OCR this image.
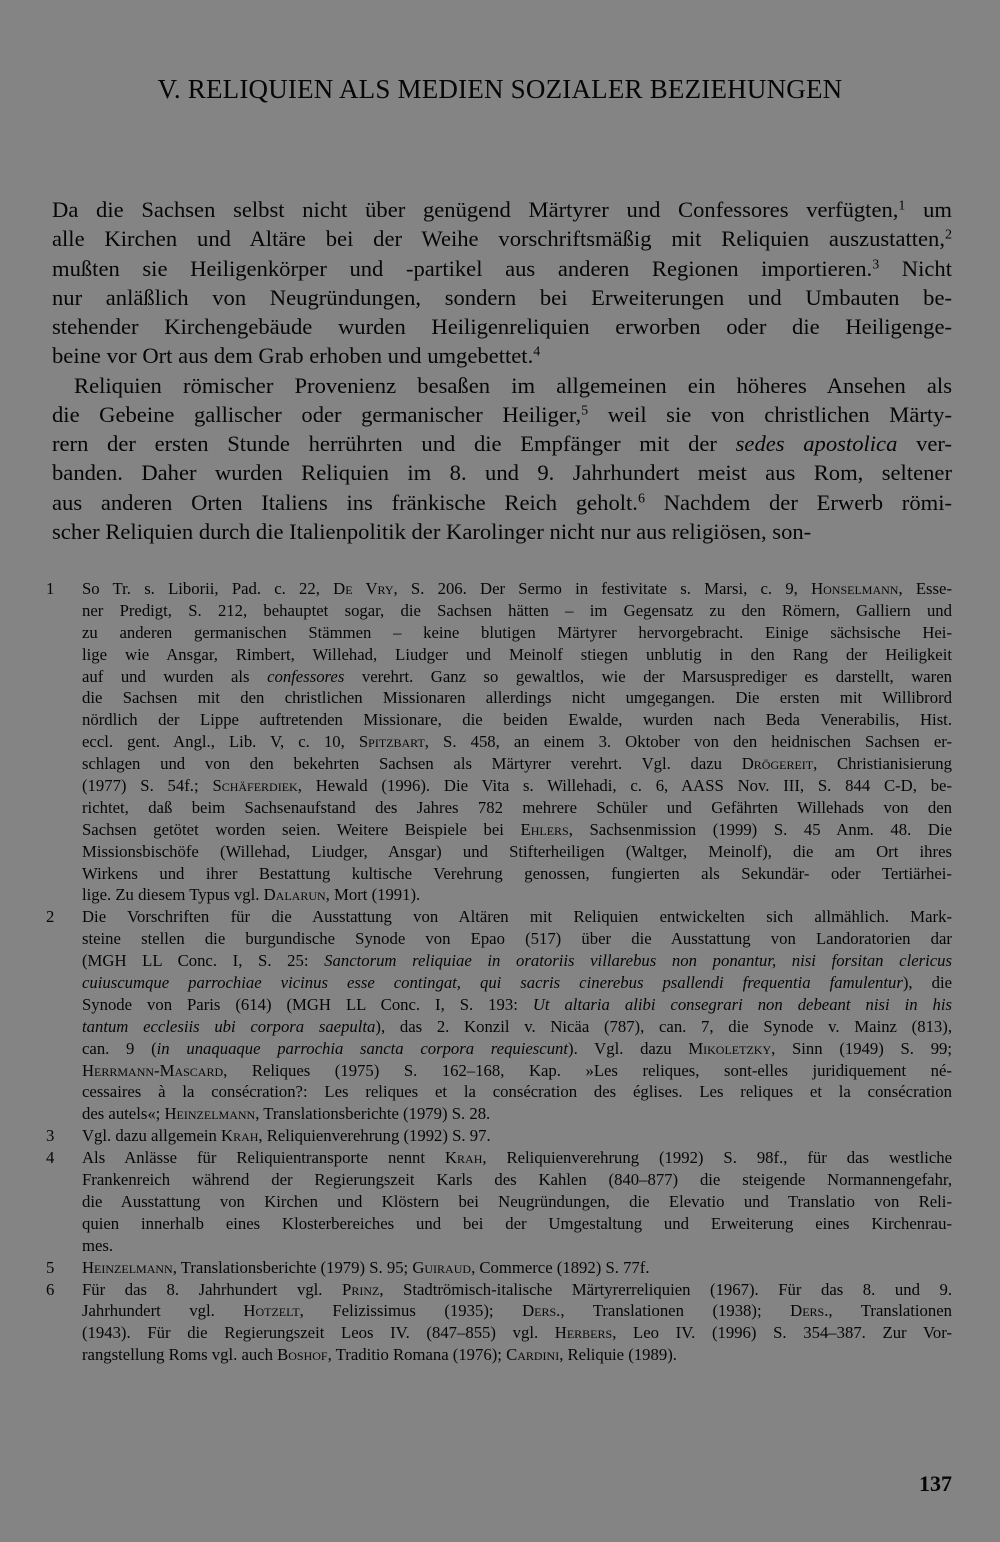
V. RELIQUIEN ALS MEDIEN SOZIALER BEZIEHUNGEN
Da die Sachsen selbst nicht über genügend Märtyrer und Confessores verfügten,$^1$ um
alle Kirchen und Altäre bei der Weihe vorschriftsmäßig mit Reliquien auszustatten,$^2$
mußten sie Heiligenkörper und -partikel aus anderen Regionen importieren.$^3$ Nicht
nur anläßlich von Neugründungen, sondern bei Erweiterungen und Umbauten be-
stehender Kirchengebäude wurden Heiligenreliquien erworben oder die Heiligenge-
beine vor Ort aus dem Grab erhoben und umgebettet.$^4$
Reliquien römischer Provenienz besaßen im allgemeinen ein höheres Ansehen als
die Gebeine gallischer oder germanischer Heiliger,$^5$ weil sie von christlichen Märty-
rern der ersten Stunde herrührten und die Empfänger mit der sedes apostolica ver-
banden. Daher wurden Reliquien im 8. und 9. Jahrhundert meist aus Rom, seltener
aus anderen Orten Italiens ins fränkische Reich geholt.$^6$ Nachdem der Erwerb römi-
scher Reliquien durch die Italienpolitik der Karolinger nicht nur aus religiösen, son-
1 So Tr. s. Liborii, Pad. c. 22, De Vry, S. 206. Der Sermo in festivitate s. Marsi, c. 9, Honselmann, Esse-
ner Predigt, S. 212, behauptet sogar, die Sachsen hätten – im Gegensatz zu den Römern, Galliern und
zu anderen germanischen Stämmen – keine blutigen Märtyrer hervorgebracht. Einige sächsische Hei-
lige wie Ansgar, Rimbert, Willehad, Liudger und Meinolf stiegen unblutig in den Rang der Heiligkeit
auf und wurden als confessores verehrt. Ganz so gewaltlos, wie der Marsusprediger es darstellt, waren
die Sachsen mit den christlichen Missionaren allerdings nicht umgegangen. Die ersten mit Willibrord
nördlich der Lippe auftretenden Missionare, die beiden Ewalde, wurden nach Beda Venerabilis, Hist.
eccl. gent. Angl., Lib. V, c. 10, Spitzbart, S. 458, an einem 3. Oktober von den heidnischen Sachsen er-
schlagen und von den bekehrten Sachsen als Märtyrer verehrt. Vgl. dazu Drögereit, Christianisierung
(1977) S. 54f.; Schäferdiek, Hewald (1996). Die Vita s. Willehadi, c. 6, AASS Nov. III, S. 844 C-D, be-
richtet, daß beim Sachsenaufstand des Jahres 782 mehrere Schüler und Gefährten Willehads von den
Sachsen getötet worden seien. Weitere Beispiele bei Ehlers, Sachsenmission (1999) S. 45 Anm. 48. Die
Missionsbischöfe (Willehad, Liudger, Ansgar) und Stifterheiligen (Waltger, Meinolf), die am Ort ihres
Wirkens und ihrer Bestattung kultische Verehrung genossen, fungierten als Sekundär- oder Tertiärhei-
lige. Zu diesem Typus vgl. Dalarun, Mort (1991).
2 Die Vorschriften für die Ausstattung von Altären mit Reliquien entwickelten sich allmählich. Mark-
steine stellen die burgundische Synode von Epao (517) über die Ausstattung von Landoratorien dar
(MGH LL Conc. I, S. 25: Sanctorum reliquiae in oratoriis villarebus non ponantur, nisi forsitan clericus
cuiuscumque parrochiae vicinus esse contingat, qui sacris cinerebus psallendi frequentia famulentur), die
Synode von Paris (614) (MGH LL Conc. I, S. 193: Ut altaria alibi consegrari non debeant nisi in his
tantum ecclesiis ubi corpora saepulta), das 2. Konzil v. Nicäa (787), can. 7, die Synode v. Mainz (813),
can. 9 (in unaquaque parrochia sancta corpora requiescunt). Vgl. dazu Mikoletzky, Sinn (1949) S. 99;
Herrmann-Mascard, Reliques (1975) S. 162–168, Kap. »Les reliques, sont-elles juridiquement né-
cessaires à la consécration?: Les reliques et la consécration des églises. Les reliques et la consécration
des autels«; Heinzelmann, Translationsberichte (1979) S. 28.
3 Vgl. dazu allgemein Krah, Reliquienverehrung (1992) S. 97.
4 Als Anlässe für Reliquientransporte nennt Krah, Reliquienverehrung (1992) S. 98f., für das westliche
Frankenreich während der Regierungszeit Karls des Kahlen (840–877) die steigende Normannengefahr,
die Ausstattung von Kirchen und Klöstern bei Neugründungen, die Elevatio und Translatio von Reli-
quien innerhalb eines Klosterbereiches und bei der Umgestaltung und Erweiterung eines Kirchenrau-
mes.
5 Heinzelmann, Translationsberichte (1979) S. 95; Guiraud, Commerce (1892) S. 77f.
6 Für das 8. Jahrhundert vgl. Prinz, Stadtrömisch-italische Märtyrerreliquien (1967). Für das 8. und 9.
Jahrhundert vgl. Hotzelt, Felizissimus (1935); Ders., Translationen (1938); Ders., Translationen
(1943). Für die Regierungszeit Leos IV. (847–855) vgl. Herbers, Leo IV. (1996) S. 354–387. Zur Vor-
rangstellung Roms vgl. auch Boshof, Traditio Romana (1976); Cardini, Reliquie (1989).
137
